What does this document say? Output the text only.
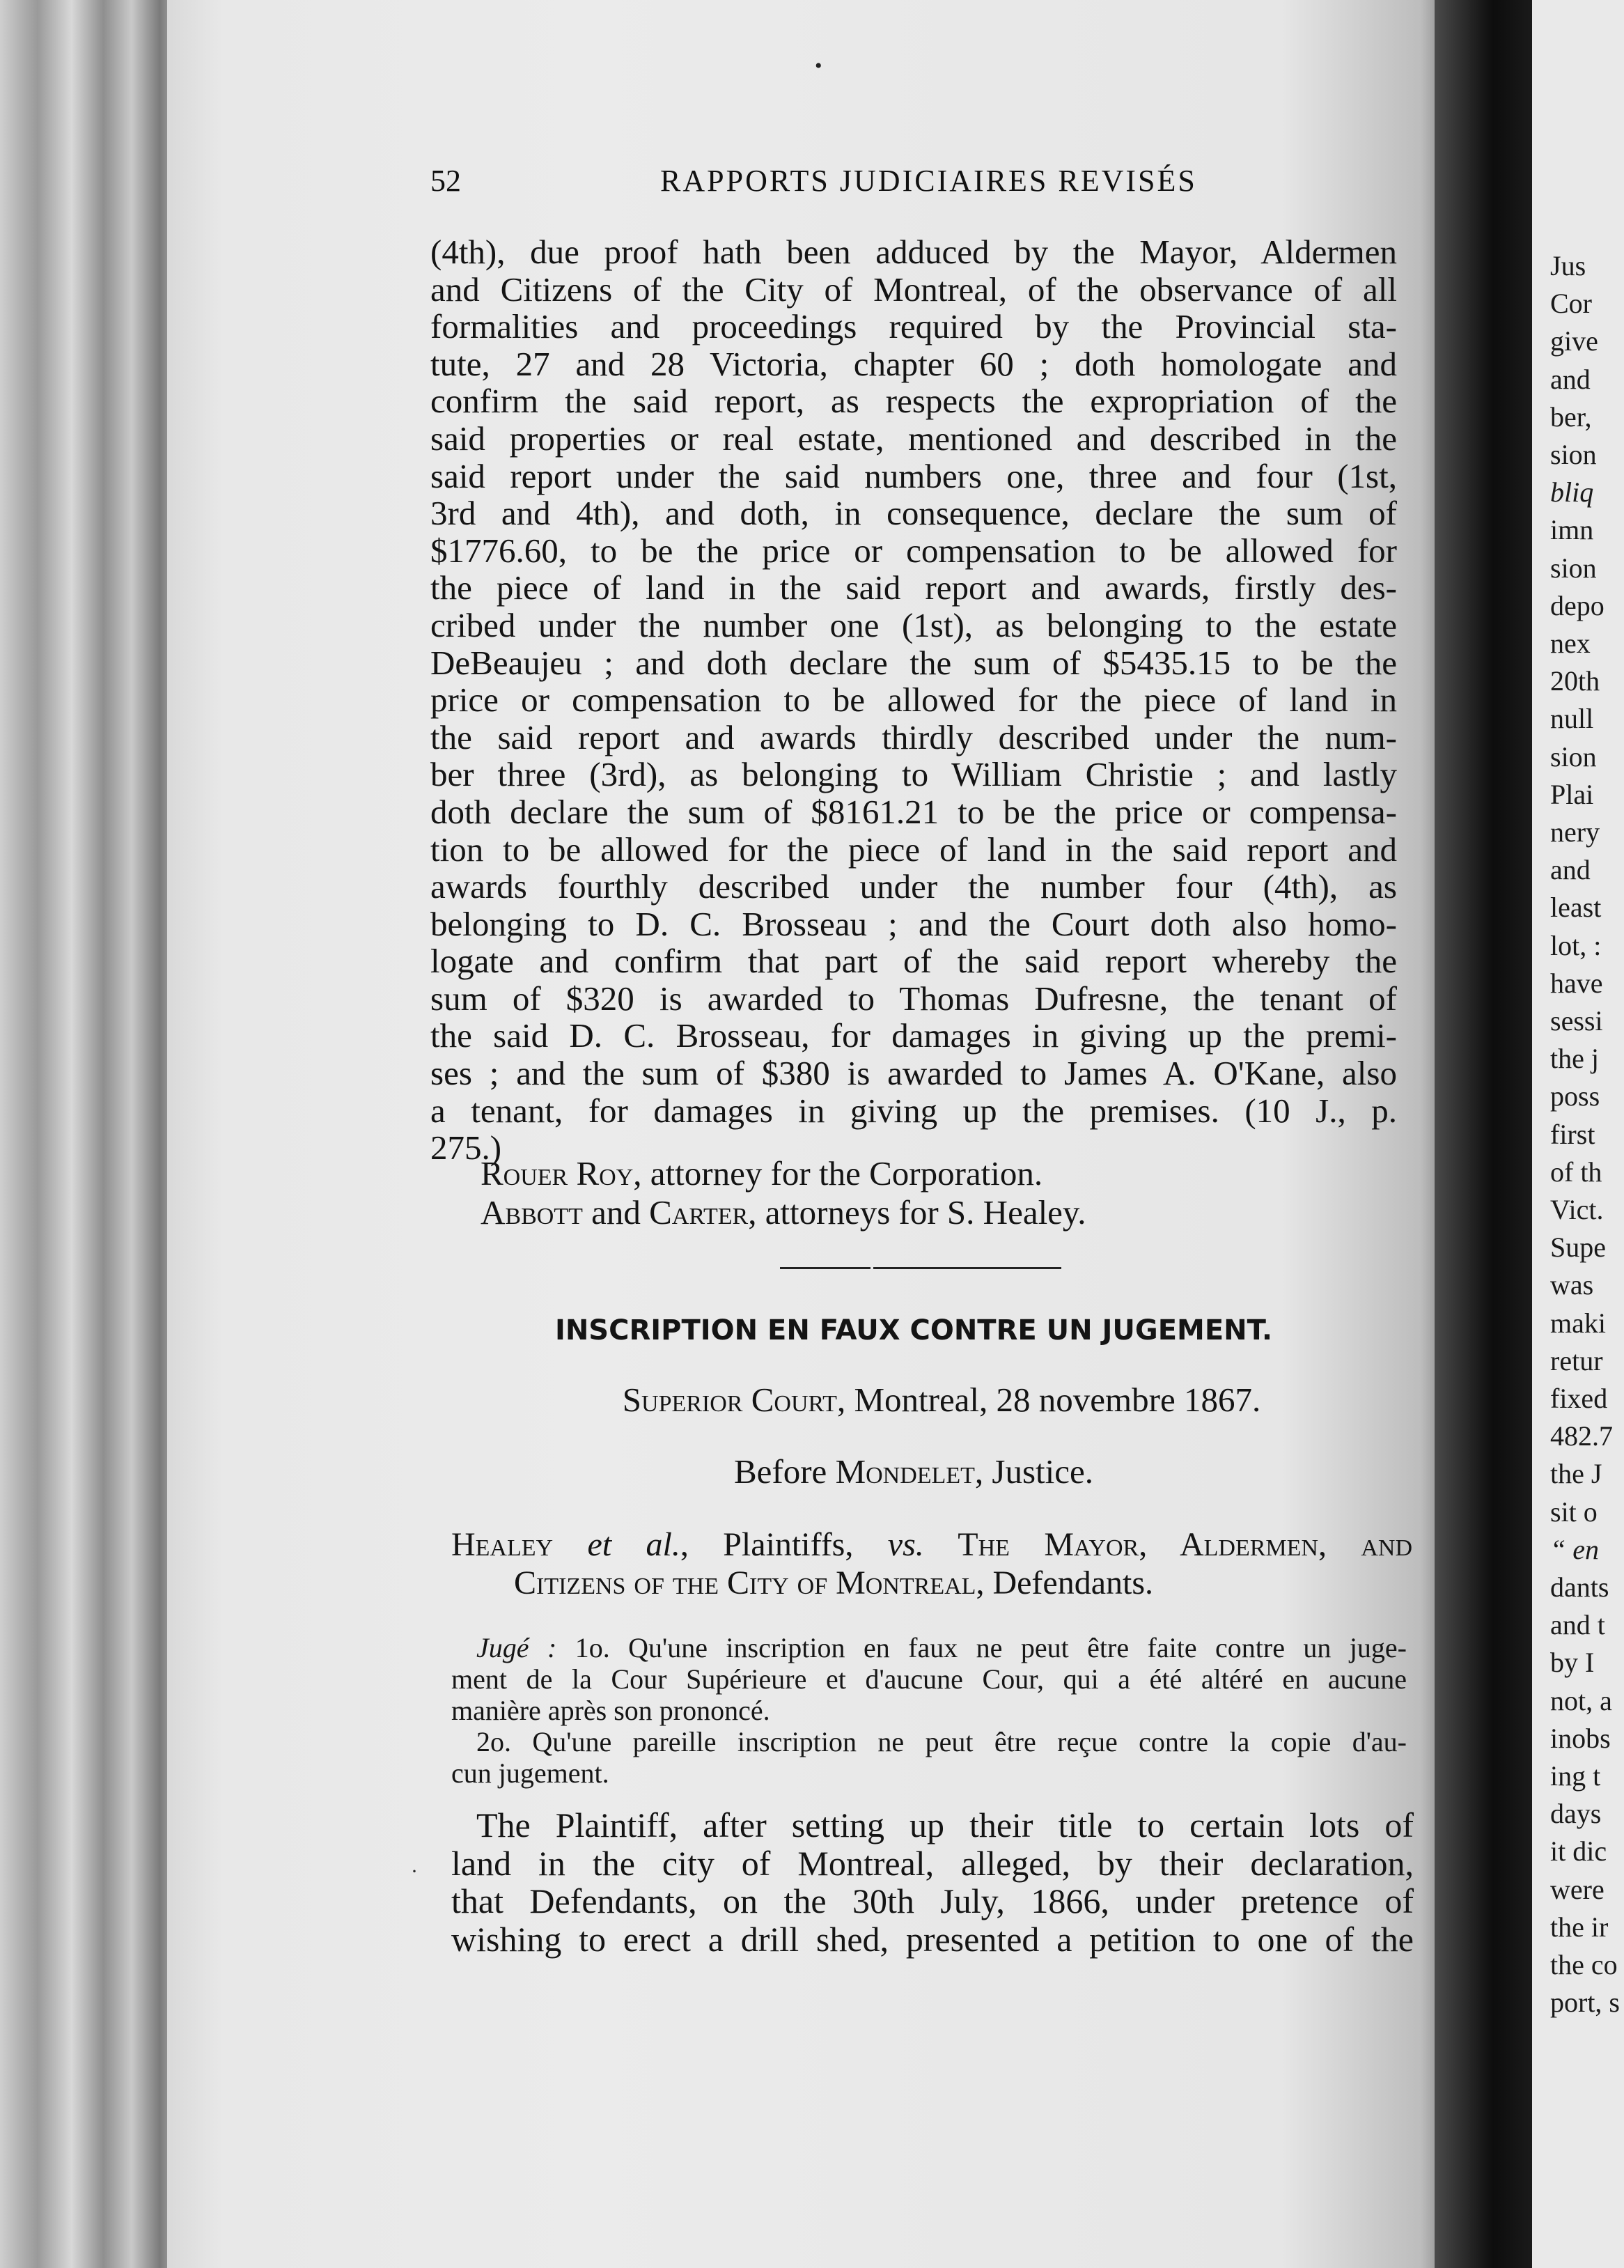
Jus
Cor
give
and
ber,
sion
bliq
imn
sion
depo
nex
20th
null
sion
Plai
nery
and
least
lot, :
have
sessi
the j
poss
first
of th
Vict.
Supe
was
maki
retur
fixed
482.7
the J
sit o
“ en
dants
and t
by I
not, a
inobs
ing t
days
it dic
were
the ir
the co
port, s
•
52	RAPPORTS JUDICIAIRES REVISÉS
(4th), due proof hath been adduced by the Mayor, Aldermen
and Citizens of the City of Montreal, of the observance of all
formalities and proceedings required by the Provincial sta-
tute, 27 and 28 Victoria, chapter 60 ; doth homologate and
confirm the said report, as respects the expropriation of the
said properties or real estate, mentioned and described in the
said report under the said numbers one, three and four (1st,
3rd and 4th), and doth, in consequence, declare the sum of
$1776.60, to be the price or compensation to be allowed for
the piece of land in the said report and awards, firstly des-
cribed under the number one (1st), as belonging to the estate
DeBeaujeu ; and doth declare the sum of $5435.15 to be the
price or compensation to be allowed for the piece of land in
the said report and awards thirdly described under the num-
ber three (3rd), as belonging to William Christie ; and lastly
doth declare the sum of $8161.21 to be the price or compensa-
tion to be allowed for the piece of land in the said report and
awards fourthly described under the number four (4th), as
belonging to D. C. Brosseau ; and the Court doth also homo-
logate and confirm that part of the said report whereby the
sum of $320 is awarded to Thomas Dufresne, the tenant of
the said D. C. Brosseau, for damages in giving up the premi-
ses ; and the sum of $380 is awarded to James A. O'Kane, also
a tenant, for damages in giving up the premises. (10 J., p.
275.)
Rouer Roy, attorney for the Corporation.
Abbott and Carter, attorneys for S. Healey.
INSCRIPTION EN FAUX CONTRE UN JUGEMENT.
Superior Court, Montreal, 28 novembre 1867.
Before Mondelet, Justice.
Healey et al., Plaintiffs, vs. The Mayor, Aldermen, and
Citizens of the City of Montreal, Defendants.
Jugé : 1o. Qu'une inscription en faux ne peut être faite contre un juge-
ment de la Cour Supérieure et d'aucune Cour, qui a été altéré en aucune
manière après son prononcé.
2o. Qu'une pareille inscription ne peut être reçue contre la copie d'au-
cun jugement.
·
The Plaintiff, after setting up their title to certain lots of
land in the city of Montreal, alleged, by their declaration,
that Defendants, on the 30th July, 1866, under pretence of
wishing to erect a drill shed, presented a petition to one of the
